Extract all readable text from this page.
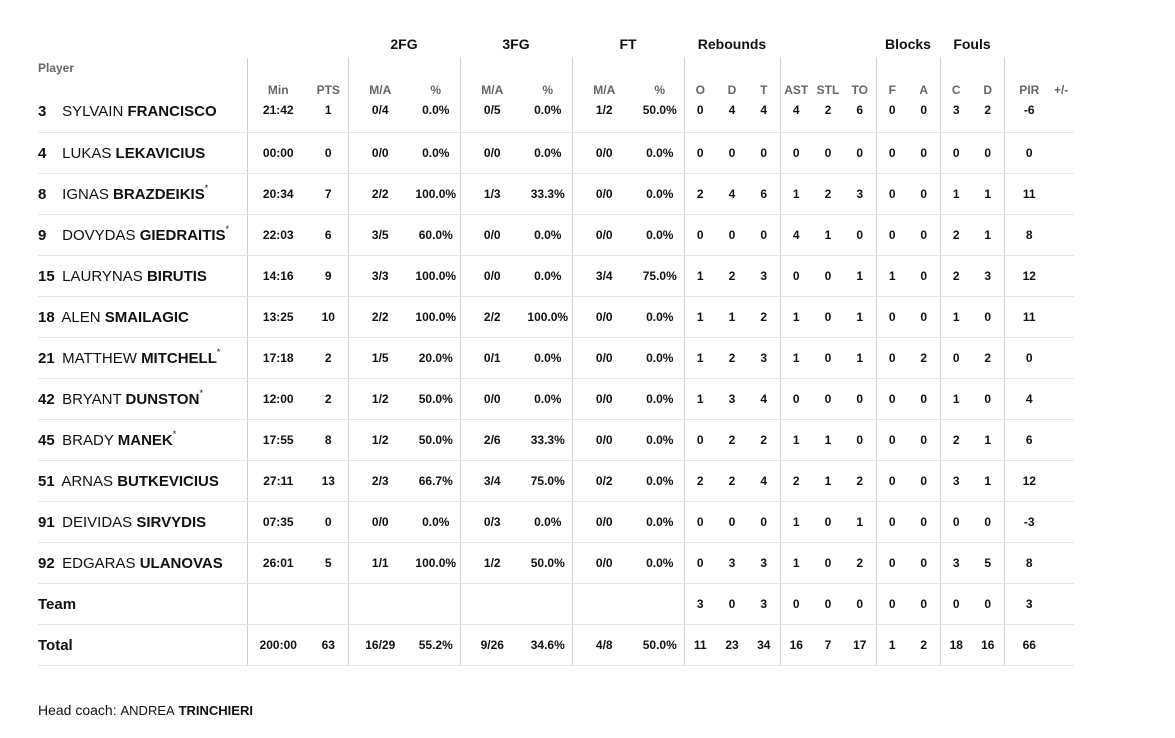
			2FG		3FG		FT		Rebounds						Blocks		Fouls			
Player	Min	PTS	M/A	%	M/A	%	M/A	%	O	D	T	AST	STL	TO	F	A	C	D	PIR	+/-
3 SYLVAIN FRANCISCO	21:42	1	0/4	0.0%	0/5	0.0%	1/2	50.0%	0	4	4	4	2	6	0	0	3	2	-6	
4 LUKAS LEKAVICIUS	00:00	0	0/0	0.0%	0/0	0.0%	0/0	0.0%	0	0	0	0	0	0	0	0	0	0	0	
8 IGNAS BRAZDEIKIS*	20:34	7	2/2	100.0%	1/3	33.3%	0/0	0.0%	2	4	6	1	2	3	0	0	1	1	11	
9 DOVYDAS GIEDRAITIS*	22:03	6	3/5	60.0%	0/0	0.0%	0/0	0.0%	0	0	0	4	1	0	0	0	2	1	8	
15 LAURYNAS BIRUTIS	14:16	9	3/3	100.0%	0/0	0.0%	3/4	75.0%	1	2	3	0	0	1	1	0	2	3	12	
18 ALEN SMAILAGIC	13:25	10	2/2	100.0%	2/2	100.0%	0/0	0.0%	1	1	2	1	0	1	0	0	1	0	11	
21 MATTHEW MITCHELL*	17:18	2	1/5	20.0%	0/1	0.0%	0/0	0.0%	1	2	3	1	0	1	0	2	0	2	0	
42 BRYANT DUNSTON*	12:00	2	1/2	50.0%	0/0	0.0%	0/0	0.0%	1	3	4	0	0	0	0	0	1	0	4	
45 BRADY MANEK*	17:55	8	1/2	50.0%	2/6	33.3%	0/0	0.0%	0	2	2	1	1	0	0	0	2	1	6	
51 ARNAS BUTKEVICIUS	27:11	13	2/3	66.7%	3/4	75.0%	0/2	0.0%	2	2	4	2	1	2	0	0	3	1	12	
91 DEIVIDAS SIRVYDIS	07:35	0	0/0	0.0%	0/3	0.0%	0/0	0.0%	0	0	0	1	0	1	0	0	0	0	-3	
92 EDGARAS ULANOVAS	26:01	5	1/1	100.0%	1/2	50.0%	0/0	0.0%	0	3	3	1	0	2	0	0	3	5	8	
Team									3	0	3	0	0	0	0	0	0	0	3	
Total	200:00	63	16/29	55.2%	9/26	34.6%	4/8	50.0%	11	23	34	16	7	17	1	2	18	16	66	
Head coach: ANDREA TRINCHIERI
